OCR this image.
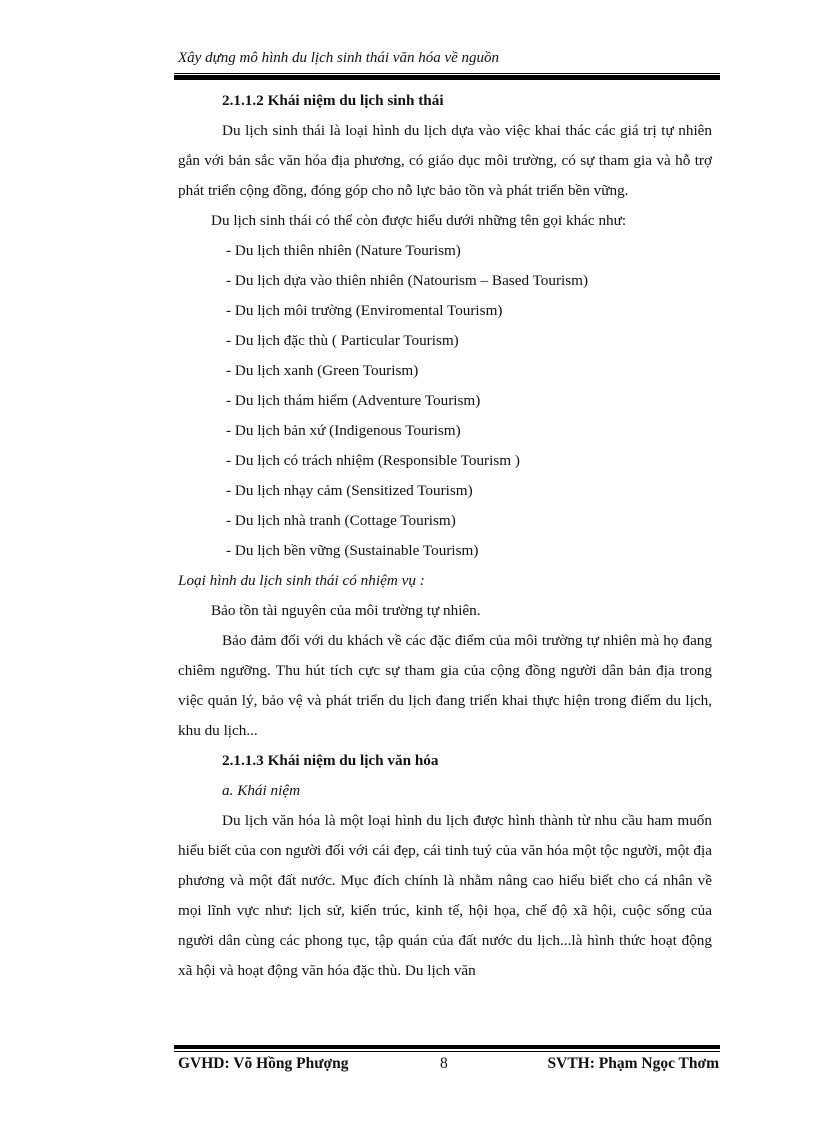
Xây dựng mô hình du lịch sinh thái văn hóa về nguồn

2.1.1.2 Khái niệm du lịch sinh thái

Du lịch sinh thái là loại hình du lịch dựa vào việc khai thác các giá trị tự nhiên gắn với bản sắc văn hóa địa phương, có giáo dục môi trường, có sự tham gia và hỗ trợ phát triển cộng đồng, đóng góp cho nỗ lực bảo tồn và phát triển bền vững.

Du lịch sinh thái có thể còn được hiểu dưới những tên gọi khác như:

- Du lịch thiên nhiên (Nature Tourism)
- Du lịch dựa vào thiên nhiên (Natourism – Based Tourism)
- Du lịch môi trường (Enviromental Tourism)
- Du lịch đặc thù ( Particular Tourism)
- Du lịch xanh (Green Tourism)
- Du lịch thám hiểm (Adventure Tourism)
- Du lịch bản xứ (Indigenous Tourism)
- Du lịch có trách nhiệm (Responsible Tourism )
- Du lịch nhạy cảm (Sensitized Tourism)
- Du lịch nhà tranh (Cottage Tourism)
- Du lịch bền vững (Sustainable Tourism)

Loại hình du lịch sinh thái có nhiệm vụ :

Bảo tồn tài nguyên của môi trường tự nhiên.

Bảo đảm đối với du khách về các đặc điểm của môi trường tự nhiên mà họ đang chiêm ngưỡng. Thu hút tích cực sự tham gia của cộng đồng người dân bản địa trong việc quản lý, bảo vệ và phát triển du lịch đang triển khai thực hiện trong điểm du lịch, khu du lịch...

2.1.1.3 Khái niệm du lịch văn hóa

a. Khái niệm

Du lịch văn hóa là một loại hình du lịch được hình thành từ nhu cầu ham muốn hiểu biết của con người đối với cái đẹp, cái tinh tuý của văn hóa một tộc người, một địa phương và một đất nước. Mục đích chính là nhằm nâng cao hiểu biết cho cá nhân về mọi lĩnh vực như: lịch sử, kiến trúc, kinh tế, hội họa, chế độ xã hội, cuộc sống của người dân cùng các phong tục, tập quán của đất nước du lịch...là hình thức hoạt động xã hội và hoạt động văn hóa đặc thù. Du lịch văn

GVHD: Võ Hồng Phượng	8	SVTH: Phạm Ngọc Thơm
